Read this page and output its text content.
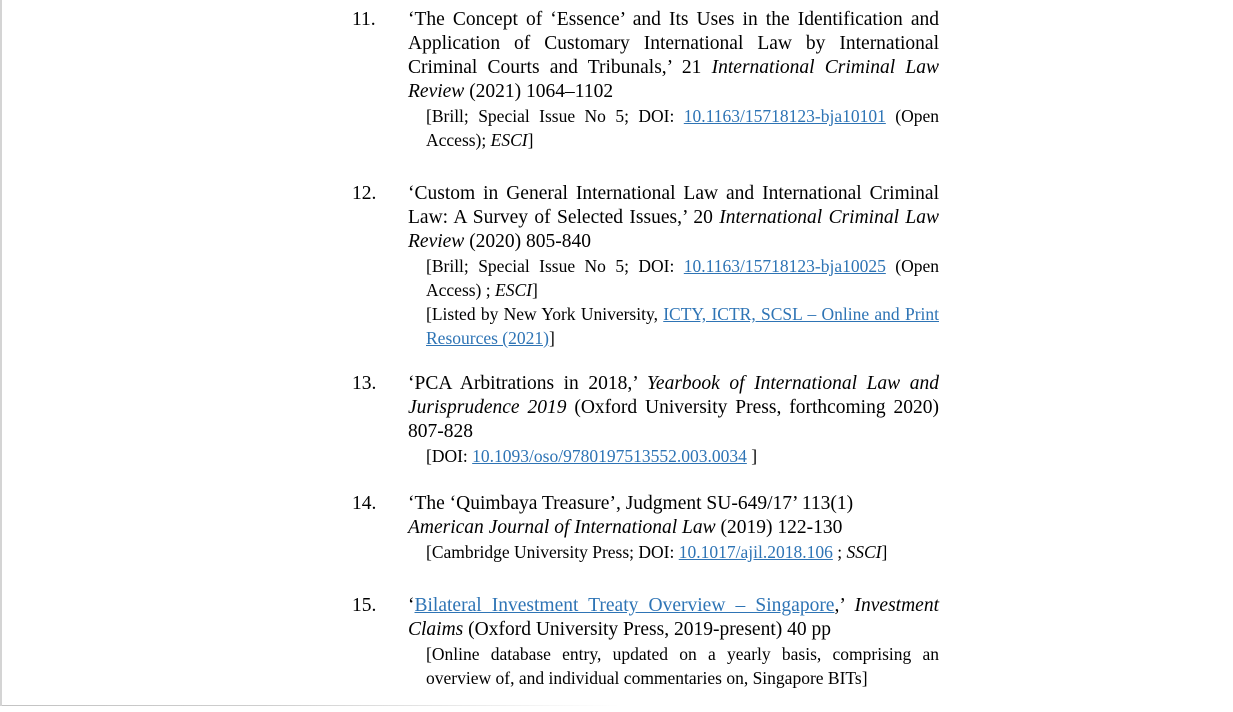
11. ‘The Concept of ‘Essence’ and Its Uses in the Identification and Application of Customary International Law by International Criminal Courts and Tribunals,’ 21 International Criminal Law Review (2021) 1064–1102

[Brill; Special Issue No 5; DOI: 10.1163/15718123-bja10101 (Open Access); ESCI]

12. ‘Custom in General International Law and International Criminal Law: A Survey of Selected Issues,’ 20 International Criminal Law Review (2020) 805-840

[Brill; Special Issue No 5; DOI: 10.1163/15718123-bja10025 (Open Access) ; ESCI]

[Listed by New York University, ICTY, ICTR, SCSL – Online and Print Resources (2021)]

13. ‘PCA Arbitrations in 2018,’ Yearbook of International Law and Jurisprudence 2019 (Oxford University Press, forthcoming 2020) 807-828

[DOI: 10.1093/oso/9780197513552.003.0034 ]

14. ‘The ‘Quimbaya Treasure’, Judgment SU-649/17’ 113(1)
American Journal of International Law (2019) 122-130

[Cambridge University Press; DOI: 10.1017/ajil.2018.106 ; SSCI]

15. ‘Bilateral Investment Treaty Overview – Singapore,’ Investment Claims (Oxford University Press, 2019-present) 40 pp

[Online database entry, updated on a yearly basis, comprising an overview of, and individual commentaries on, Singapore BITs]
